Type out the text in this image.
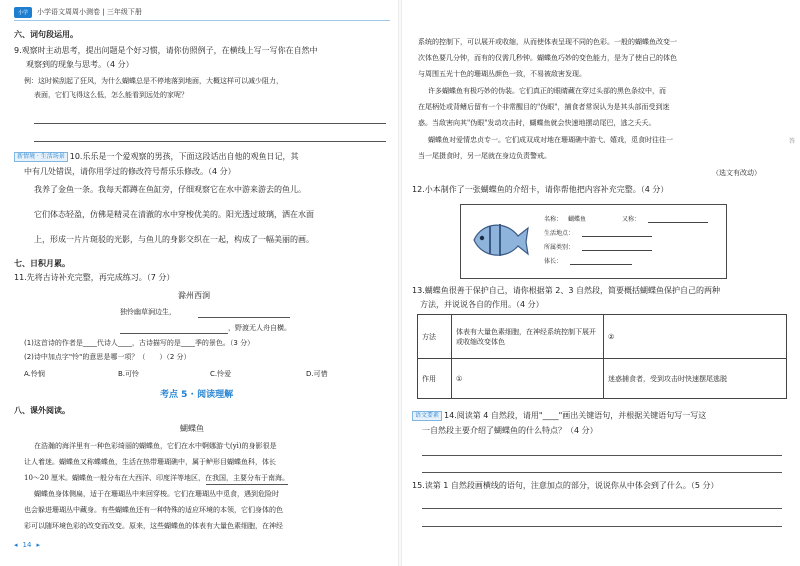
小学	小学语文周周小测卷 | 三年级下册
六、词句段运用。
9.观察时主动思考，提出问题是个好习惯，请你仿照例子，在横线上写一写你在自然中
观察到的现象与思考。（4 分）
例：这时候刮起了狂风，为什么蝴蝶总是不停地落到地面，大概这样可以减少阻力，
表面，它们飞得这么低，怎么能看到远处的家呢？
新情境 · 生活场景 10.乐乐是一个爱观察的男孩，下面这段话出自他的观鱼日记，其
中有几处错误，请你用学过的修改符号帮乐乐修改。（4 分）
我养了金鱼一条。我每天都蹲在鱼缸旁，仔细观察它在水中游来游去的鱼儿。
它们体态轻盈，仿佛是精灵在清澈的水中穿梭优美的。阳光透过玻璃，洒在水面
上，形成一片片斑驳的光影，与鱼儿的身影交织在一起，构成了一幅美丽的画。
七、日积月累。
11.先将古诗补充完整，再完成练习。（7 分）
滁州西涧
独怜幽草涧边生，
，野渡无人舟自横。
(1)这首诗的作者是____代诗人____，古诗描写的是____季的景色。（3 分）
(2)诗中加点字"怜"的意思是哪一项？（　　）（2 分）
A.怜悯	B.可怜	C.怜爱	D.可惜
考点 5 · 阅读理解
八、课外阅读。
蝴蝶鱼
在浩瀚的海洋里有一种色彩绮丽的蝴蝶鱼，它们在水中婀娜游弋(yì)的身影很是
让人着迷。蝴蝶鱼又称蝶蝶鱼，生活在热带珊瑚礁中，属于鲈形目蝴蝶鱼科，体长
10～20 厘米。蝴蝶鱼一般分布在大西洋、印度洋等地区，在我国，主要分布于南海。
蝴蝶鱼身体侧扁，适于在珊瑚丛中来回穿梭。它们在珊瑚丛中觅食，遇到危险时
也会躲进珊瑚丛中藏身。有些蝴蝶鱼还有一种特殊的适应环境的本领，它们身体的色
彩可以随环境色彩的改变而改变。原来，这些蝴蝶鱼的体表有大量色素细胞，在神经
◂ 14 ▸
系统的控制下，可以展开或收缩，从而使体表呈现不同的色彩。一般的蝴蝶鱼改变一
次体色要几分钟，而有的仅需几秒钟。蝴蝶鱼巧妙的变色能力，是为了使自己的体色
与周围五光十色的珊瑚丛颜色一致，不易被敌害发现。
许多蝴蝶鱼有极巧妙的伪装。它们真正的眼睛藏在穿过头部的黑色条纹中，而
在尾柄处或背鳍后留有一个非常醒目的"伪眼"，捕食者常误认为是其头部而受到迷
惑。当敌害向其"伪眼"发动攻击时，蝴蝶鱼就会快速地摆动尾巴，逃之夭夭。
蝴蝶鱼对爱情忠贞专一。它们成双成对地在珊瑚礁中游弋、嬉戏，觅食时往往一
当一尾摄食时，另一尾就在身边负责警戒。
（选文有改动）
12.小本制作了一张蝴蝶鱼的介绍卡，请你帮他把内容补充完整。（4 分）
名称： 蝴蝶鱼	又称：
生活地点：
所属类别：
体长：
13.蝴蝶鱼很善于保护自己，请你根据第 2、3 自然段，简要概括蝴蝶鱼保护自己的两种
方法，并说说各自的作用。（4 分）
方法	体表有大量色素细胞，在神经系统控制下展开或收缩改变体色	②
作用	①	迷惑捕食者，受到攻击时快速摆尾逃脱
语文要素 14.阅读第 4 自然段，请用"____"画出关键语句，并根据关键语句写一写这
一自然段主要介绍了蝴蝶鱼的什么特点？（4 分）
15.读第 1 自然段画横线的语句，注意加点的部分，说说你从中体会到了什么。（5 分）
答
